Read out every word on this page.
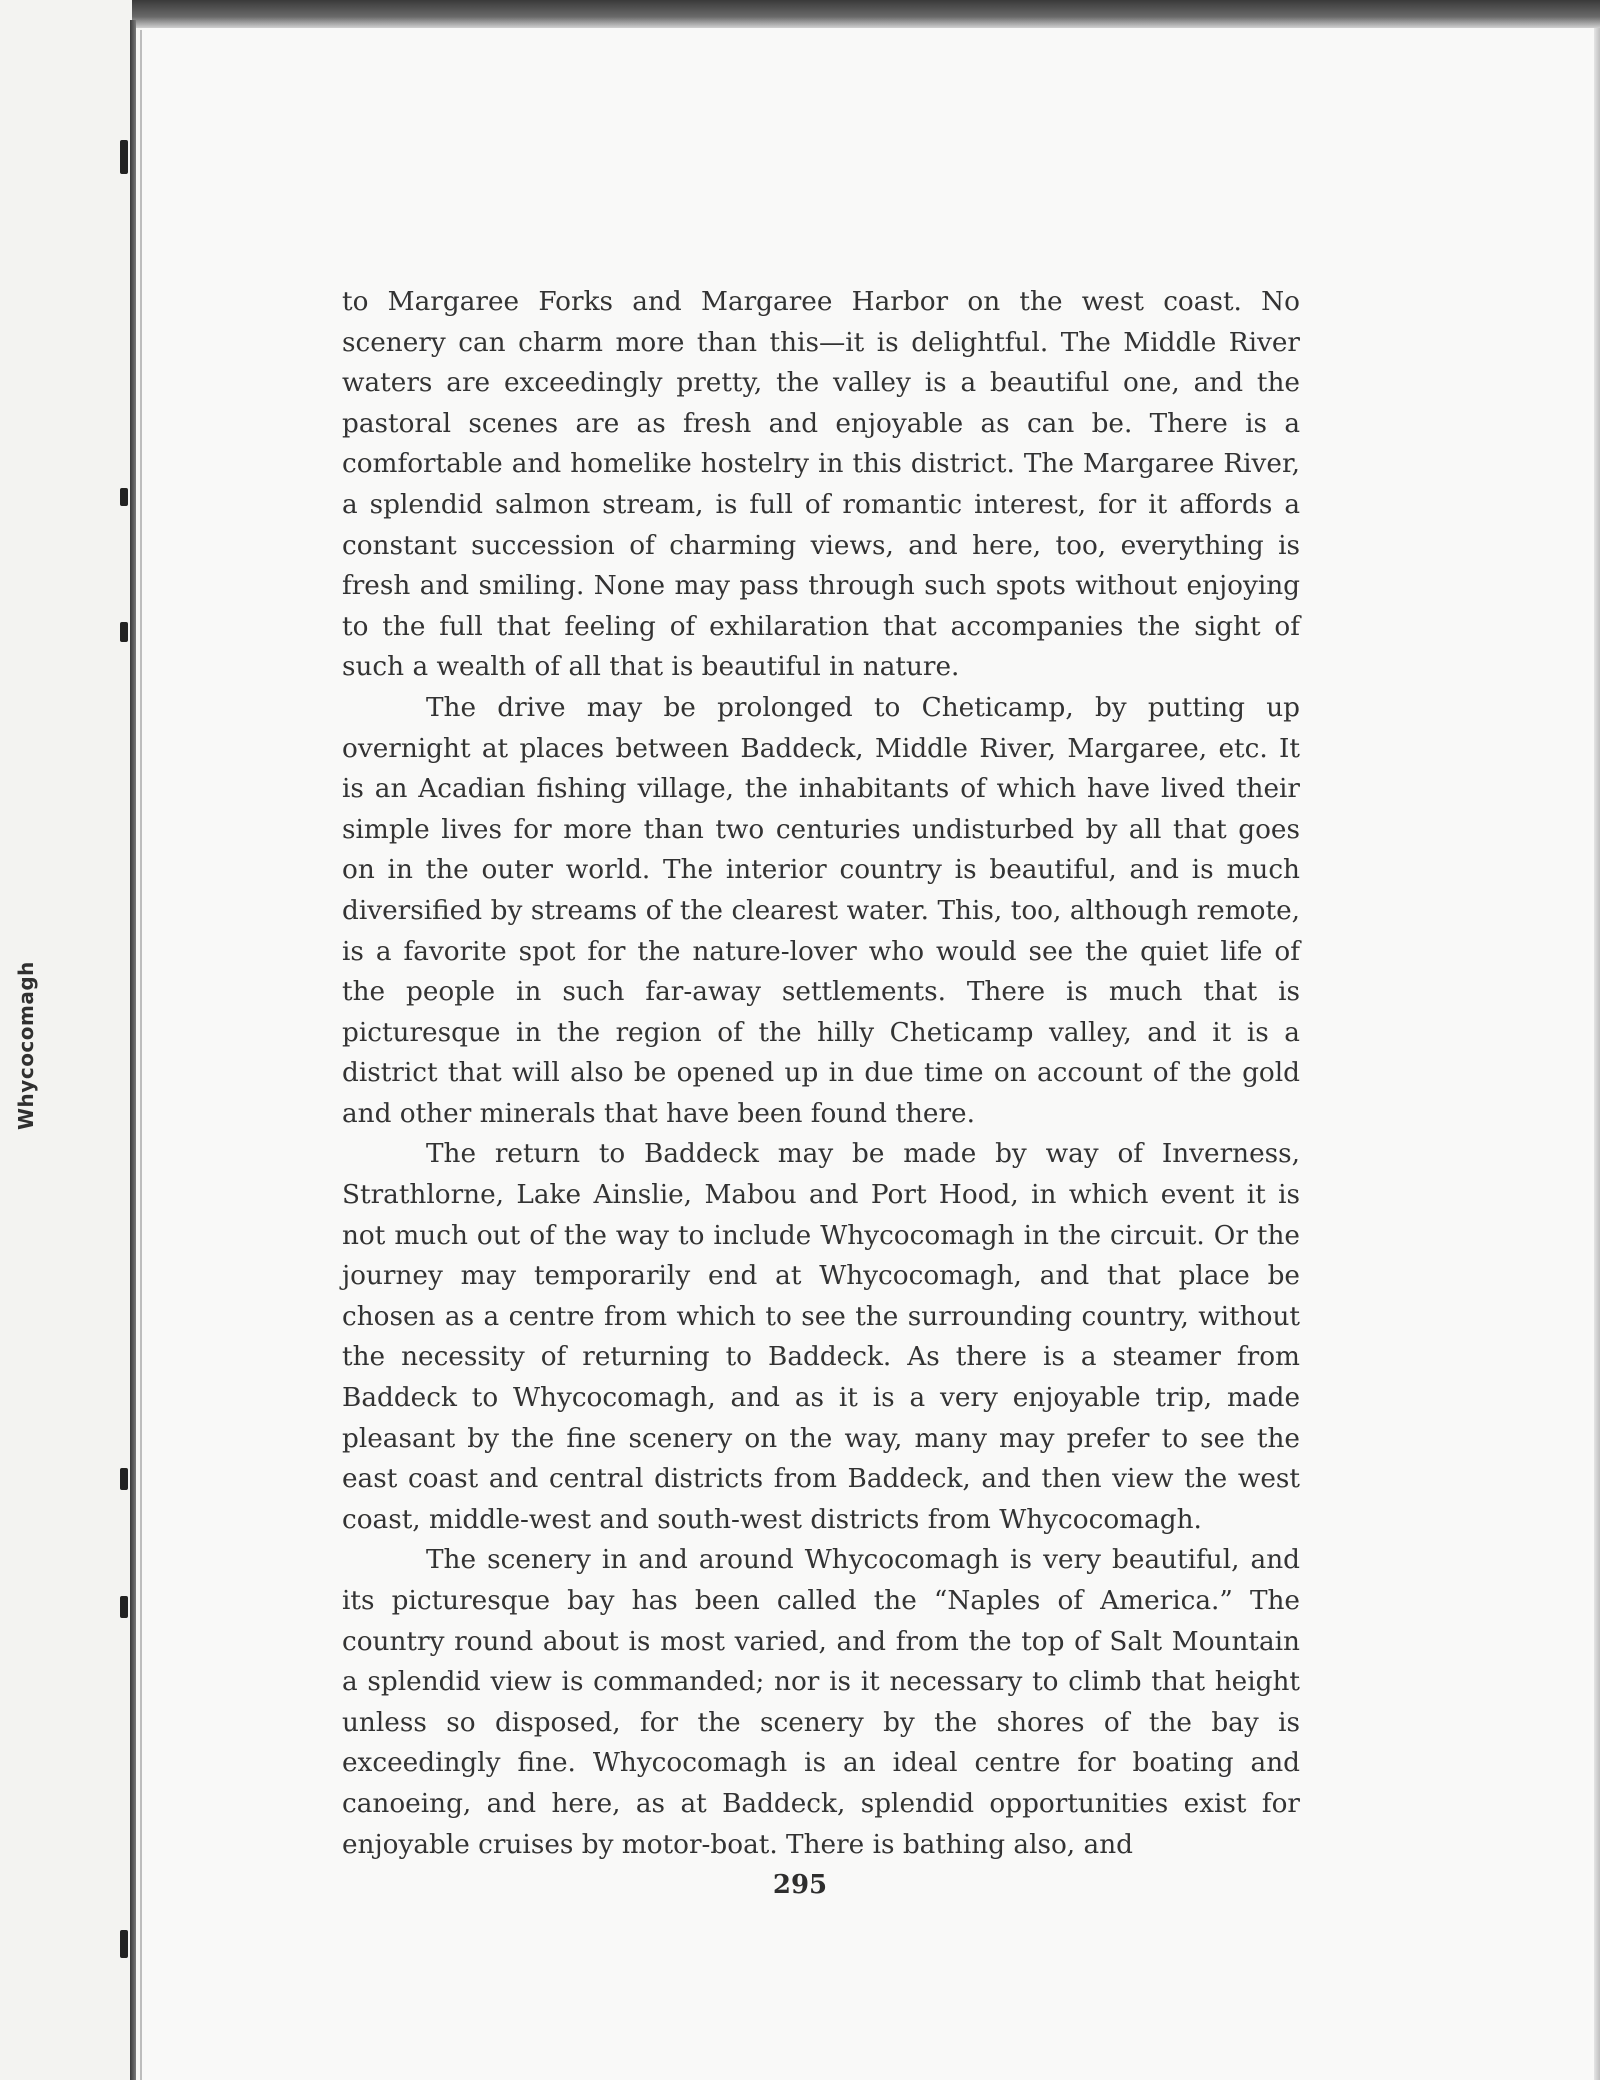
Whycocomagh

to Margaree Forks and Margaree Harbor on the west coast. No scenery can charm more than this—it is delightful. The Middle River waters are exceedingly pretty, the valley is a beautiful one, and the pastoral scenes are as fresh and enjoyable as can be. There is a comfortable and homelike hostelry in this district. The Margaree River, a splendid salmon stream, is full of romantic interest, for it affords a constant succession of charming views, and here, too, everything is fresh and smiling. None may pass through such spots without enjoying to the full that feeling of exhilaration that accompanies the sight of such a wealth of all that is beautiful in nature.

The drive may be prolonged to Cheticamp, by putting up overnight at places between Baddeck, Middle River, Margaree, etc. It is an Acadian fishing village, the inhabitants of which have lived their simple lives for more than two centuries undisturbed by all that goes on in the outer world. The interior country is beautiful, and is much diversified by streams of the clearest water. This, too, although remote, is a favorite spot for the nature-lover who would see the quiet life of the people in such far-away settlements. There is much that is picturesque in the region of the hilly Cheticamp valley, and it is a district that will also be opened up in due time on account of the gold and other minerals that have been found there.

The return to Baddeck may be made by way of Inverness, Strathlorne, Lake Ainslie, Mabou and Port Hood, in which event it is not much out of the way to include Whycocomagh in the circuit. Or the journey may temporarily end at Whycocomagh, and that place be chosen as a centre from which to see the surrounding country, without the necessity of returning to Baddeck. As there is a steamer from Baddeck to Whycocomagh, and as it is a very enjoyable trip, made pleasant by the fine scenery on the way, many may prefer to see the east coast and central districts from Baddeck, and then view the west coast, middle-west and south-west districts from Whycocomagh.

The scenery in and around Whycocomagh is very beautiful, and its picturesque bay has been called the “Naples of America.” The country round about is most varied, and from the top of Salt Mountain a splendid view is commanded; nor is it necessary to climb that height unless so disposed, for the scenery by the shores of the bay is exceedingly fine. Whycocomagh is an ideal centre for boating and canoeing, and here, as at Baddeck, splendid opportunities exist for enjoyable cruises by motor-boat. There is bathing also, and

295
